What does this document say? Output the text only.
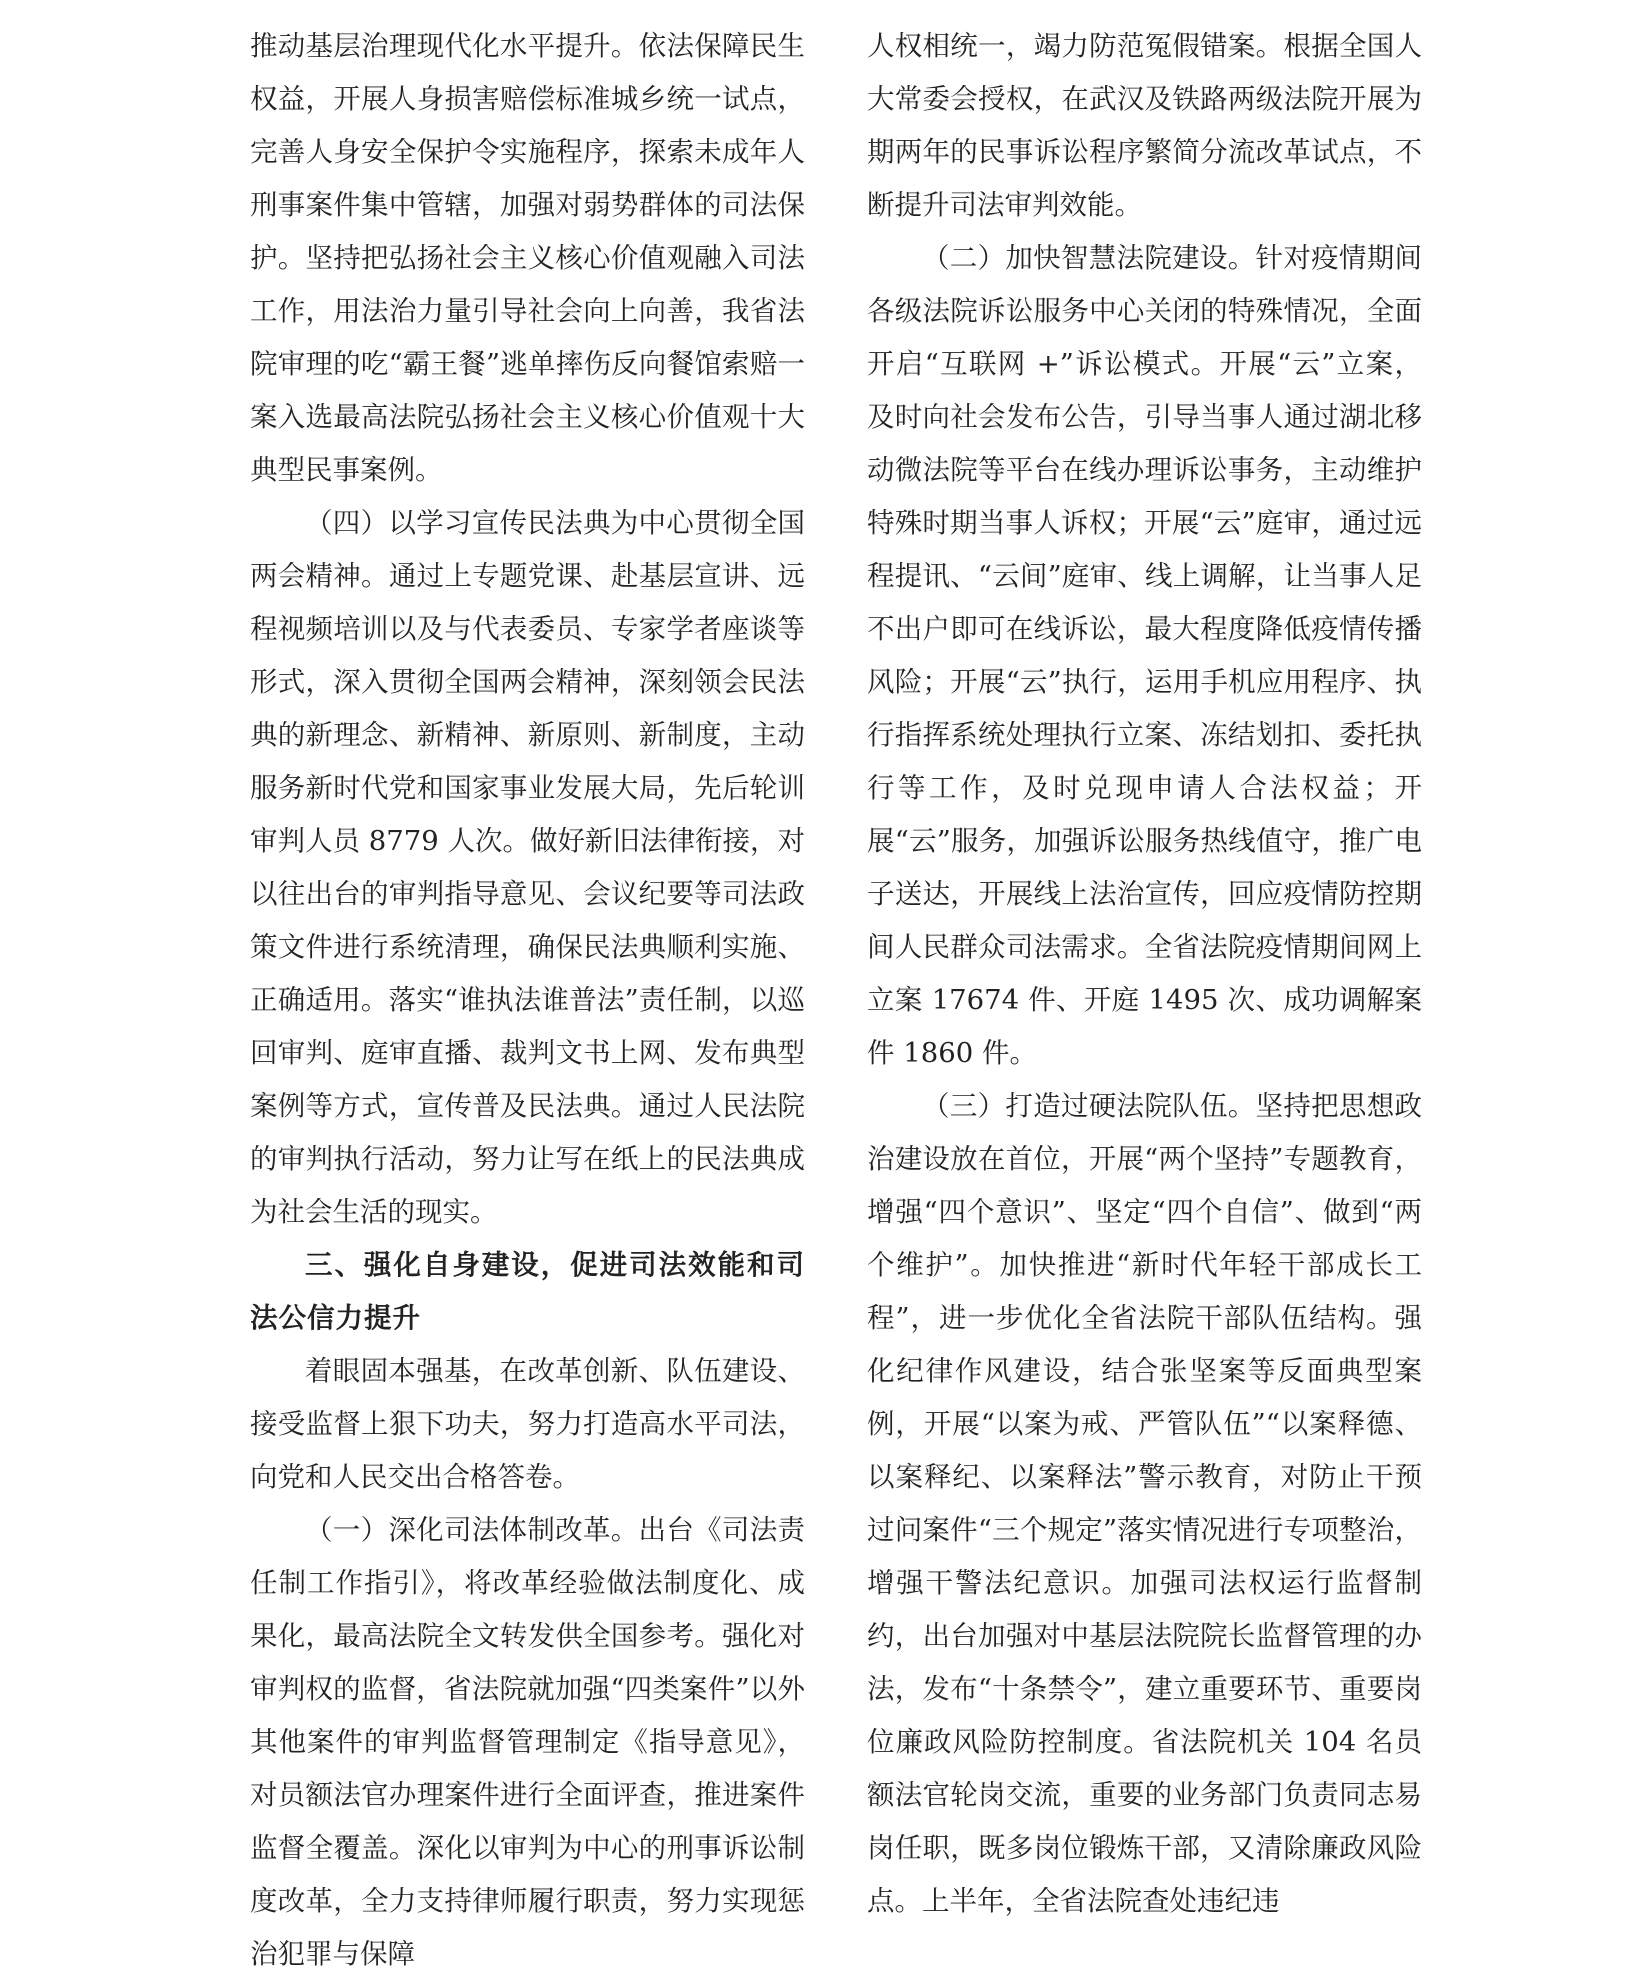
推动基层治理现代化水平提升。依法保障民生权益，开展人身损害赔偿标准城乡统一试点，完善人身安全保护令实施程序，探索未成年人刑事案件集中管辖，加强对弱势群体的司法保护。坚持把弘扬社会主义核心价值观融入司法工作，用法治力量引导社会向上向善，我省法院审理的吃“霸王餐”逃单摔伤反向餐馆索赔一案入选最高法院弘扬社会主义核心价值观十大典型民事案例。

（四）以学习宣传民法典为中心贯彻全国两会精神。通过上专题党课、赴基层宣讲、远程视频培训以及与代表委员、专家学者座谈等形式，深入贯彻全国两会精神，深刻领会民法典的新理念、新精神、新原则、新制度，主动服务新时代党和国家事业发展大局，先后轮训审判人员 8779 人次。做好新旧法律衔接，对以往出台的审判指导意见、会议纪要等司法政策文件进行系统清理，确保民法典顺利实施、正确适用。落实“谁执法谁普法”责任制，以巡回审判、庭审直播、裁判文书上网、发布典型案例等方式，宣传普及民法典。通过人民法院的审判执行活动，努力让写在纸上的民法典成为社会生活的现实。

三、强化自身建设，促进司法效能和司法公信力提升

着眼固本强基，在改革创新、队伍建设、接受监督上狠下功夫，努力打造高水平司法，向党和人民交出合格答卷。

（一）深化司法体制改革。出台《司法责任制工作指引》，将改革经验做法制度化、成果化，最高法院全文转发供全国参考。强化对审判权的监督，省法院就加强“四类案件”以外其他案件的审判监督管理制定《指导意见》，对员额法官办理案件进行全面评查，推进案件监督全覆盖。深化以审判为中心的刑事诉讼制度改革，全力支持律师履行职责，努力实现惩治犯罪与保障

人权相统一，竭力防范冤假错案。根据全国人大常委会授权，在武汉及铁路两级法院开展为期两年的民事诉讼程序繁简分流改革试点，不断提升司法审判效能。

（二）加快智慧法院建设。针对疫情期间各级法院诉讼服务中心关闭的特殊情况，全面开启“互联网 +”诉讼模式。开展“云”立案，及时向社会发布公告，引导当事人通过湖北移动微法院等平台在线办理诉讼事务，主动维护特殊时期当事人诉权；开展“云”庭审，通过远程提讯、“云间”庭审、线上调解，让当事人足不出户即可在线诉讼，最大程度降低疫情传播风险；开展“云”执行，运用手机应用程序、执行指挥系统处理执行立案、冻结划扣、委托执行等工作，及时兑现申请人合法权益；开展“云”服务，加强诉讼服务热线值守，推广电子送达，开展线上法治宣传，回应疫情防控期间人民群众司法需求。全省法院疫情期间网上立案 17674 件、开庭 1495 次、成功调解案件 1860 件。

（三）打造过硬法院队伍。坚持把思想政治建设放在首位，开展“两个坚持”专题教育，增强“四个意识”、坚定“四个自信”、做到“两个维护”。加快推进“新时代年轻干部成长工程”，进一步优化全省法院干部队伍结构。强化纪律作风建设，结合张坚案等反面典型案例，开展“以案为戒、严管队伍”“以案释德、以案释纪、以案释法”警示教育，对防止干预过问案件“三个规定”落实情况进行专项整治，增强干警法纪意识。加强司法权运行监督制约，出台加强对中基层法院院长监督管理的办法，发布“十条禁令”，建立重要环节、重要岗位廉政风险防控制度。省法院机关 104 名员额法官轮岗交流，重要的业务部门负责同志易岗任职，既多岗位锻炼干部，又清除廉政风险点。上半年，全省法院查处违纪违
